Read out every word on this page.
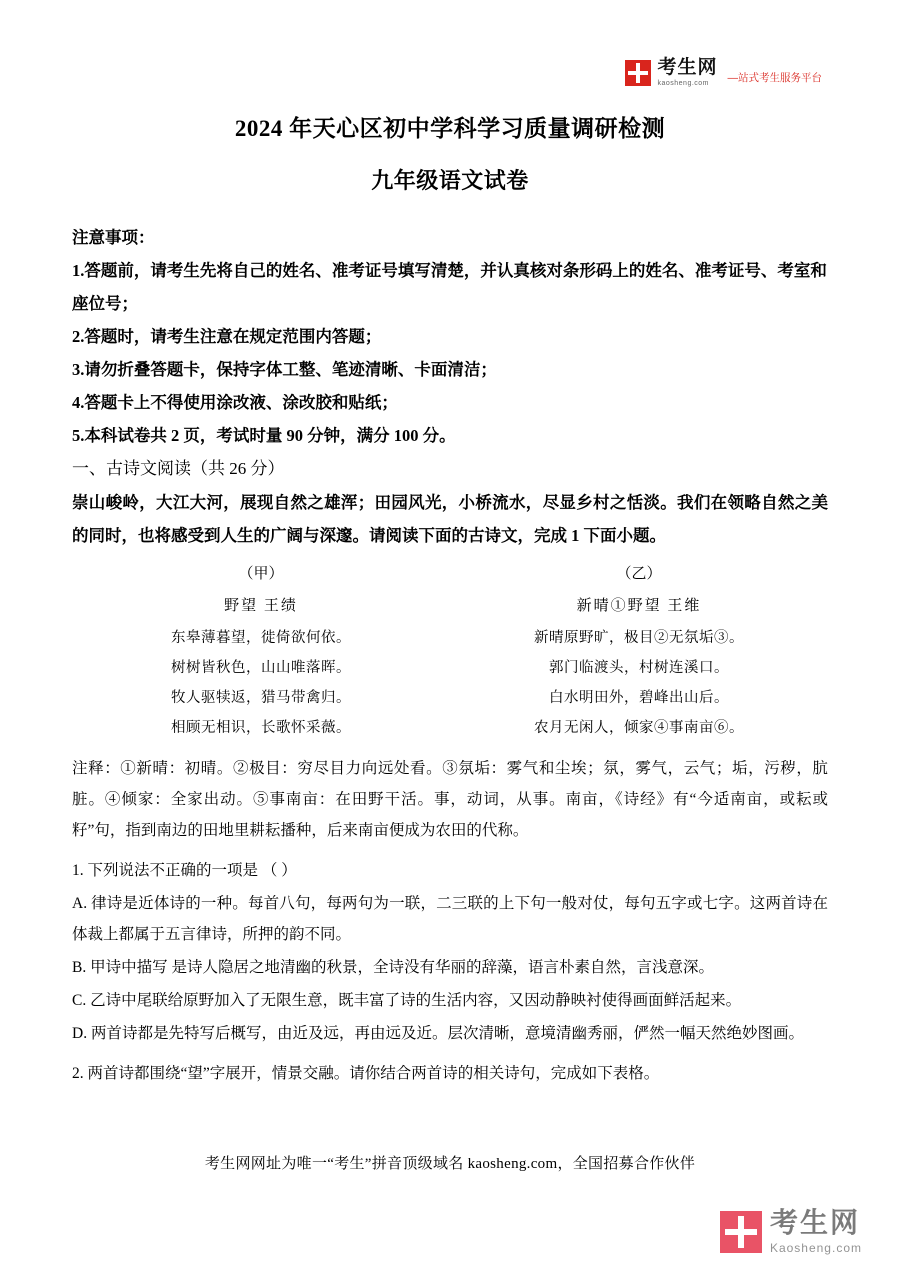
考生网
kaosheng.com	—站式考生服务平台
2024 年天心区初中学科学习质量调研检测
九年级语文试卷

注意事项：

1.答题前，请考生先将自己的姓名、准考证号填写清楚，并认真核对条形码上的姓名、准考证号、考室和座位号；

2.答题时，请考生注意在规定范围内答题；

3.请勿折叠答题卡，保持字体工整、笔迹清晰、卡面清洁；

4.答题卡上不得使用涂改液、涂改胶和贴纸；

5.本科试卷共 2 页，考试时量 90 分钟，满分 100 分。

一、古诗文阅读（共 26 分）

崇山峻岭，大江大河，展现自然之雄浑；田园风光，小桥流水，尽显乡村之恬淡。我们在领略自然之美的同时，也将感受到人生的广阔与深邃。请阅读下面的古诗文，完成 1 下面小题。

（甲）	（乙）
野望 王绩	新晴①野望 王维
东皋薄暮望，徙倚欲何依。	新晴原野旷，极目②无氛垢③。
树树皆秋色，山山唯落晖。	郭门临渡头，村树连溪口。
牧人驱犊返，猎马带禽归。	白水明田外，碧峰出山后。
相顾无相识，长歌怀采薇。	农月无闲人，倾家④事南亩⑥。

注释：①新晴：初晴。②极目：穷尽目力向远处看。③氛垢：雾气和尘埃；氛，雾气，云气；垢，污秽，肮脏。④倾家：全家出动。⑤事南亩：在田野干活。事，动词，从事。南亩，《诗经》有“今适南亩，或耘或籽”句，指到南边的田地里耕耘播种，后来南亩便成为农田的代称。

1. 下列说法不正确的一项是 （ ）

A. 律诗是近体诗的一种。每首八句，每两句为一联，二三联的上下句一般对仗，每句五字或七字。这两首诗在体裁上都属于五言律诗，所押的韵不同。

B. 甲诗中描写 是诗人隐居之地清幽的秋景，全诗没有华丽的辞藻，语言朴素自然，言浅意深。

C. 乙诗中尾联给原野加入了无限生意，既丰富了诗的生活内容，又因动静映衬使得画面鲜活起来。

D. 两首诗都是先特写后概写，由近及远，再由远及近。层次清晰，意境清幽秀丽，俨然一幅天然绝妙图画。

2. 两首诗都围绕“望”字展开，情景交融。请你结合两首诗的相关诗句，完成如下表格。

考生网网址为唯一“考生”拼音顶级域名 kaosheng.com，全国招募合作伙伴
考生网
Kaosheng.com
